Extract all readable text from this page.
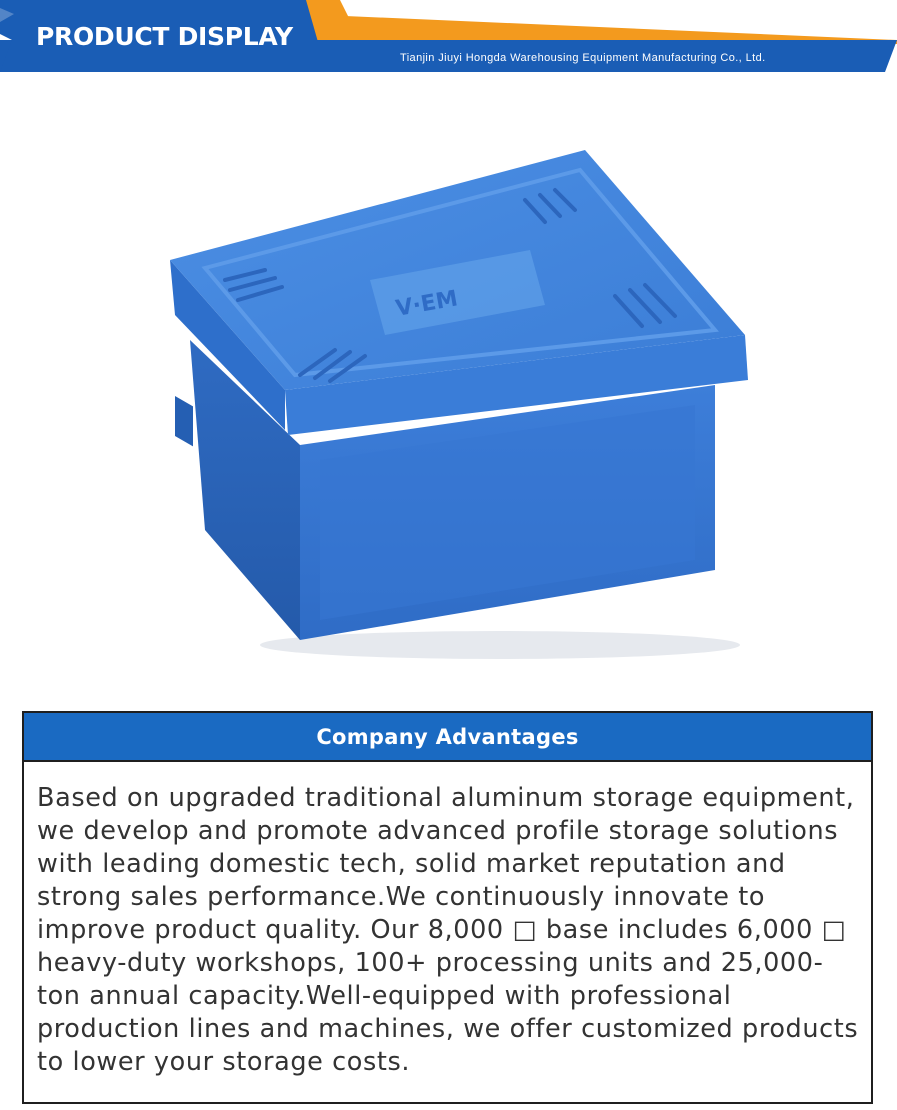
PRODUCT DISPLAY
Tianjin Jiuyi Hongda Warehousing Equipment Manufacturing Co., Ltd.
V·EM
Company Advantages
Based on upgraded traditional aluminum storage equipment, we develop and promote advanced profile storage solutions with leading domestic tech, solid market reputation and strong sales performance.We continuously innovate to improve product quality. Our 8,000 □ base includes 6,000 □ heavy-duty workshops, 100+ processing units and 25,000-ton annual capacity.Well-equipped with professional production lines and machines, we offer customized products to lower your storage costs.
